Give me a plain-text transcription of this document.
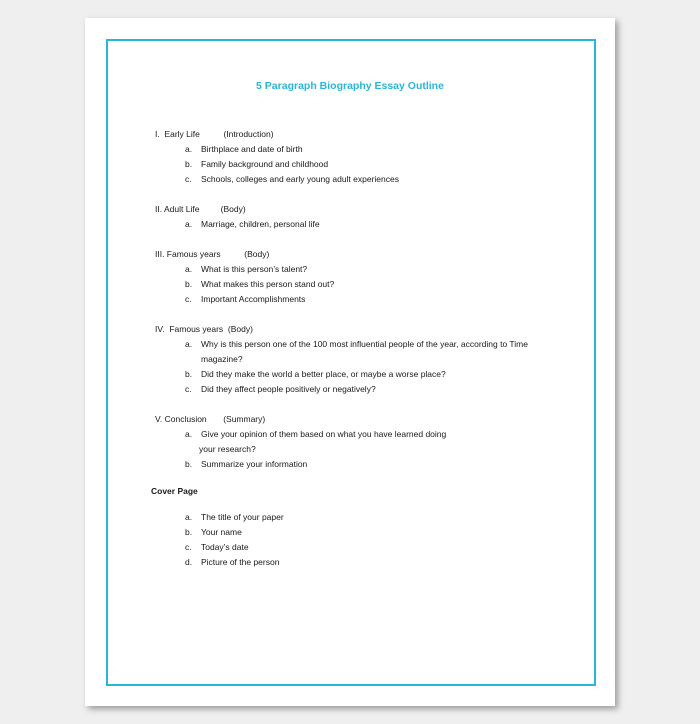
5 Paragraph Biography Essay Outline
I.  Early Life          (Introduction)
a. Birthplace and date of birth
b. Family background and childhood
c. Schools, colleges and early young adult experiences
II. Adult Life         (Body)
a. Marriage, children, personal life
III. Famous years          (Body)
a. What is this person’s talent?
b. What makes this person stand out?
c. Important Accomplishments
IV.  Famous years  (Body)
a. Why is this person one of the 100 most influential people of the year, according to Time
magazine?
b. Did they make the world a better place, or maybe a worse place?
c. Did they affect people positively or negatively?
V. Conclusion       (Summary)
a. Give your opinion of them based on what you have learned doing
your research?
b. Summarize your information
Cover Page
a. The title of your paper
b. Your name
c. Today’s date
d. Picture of the person
